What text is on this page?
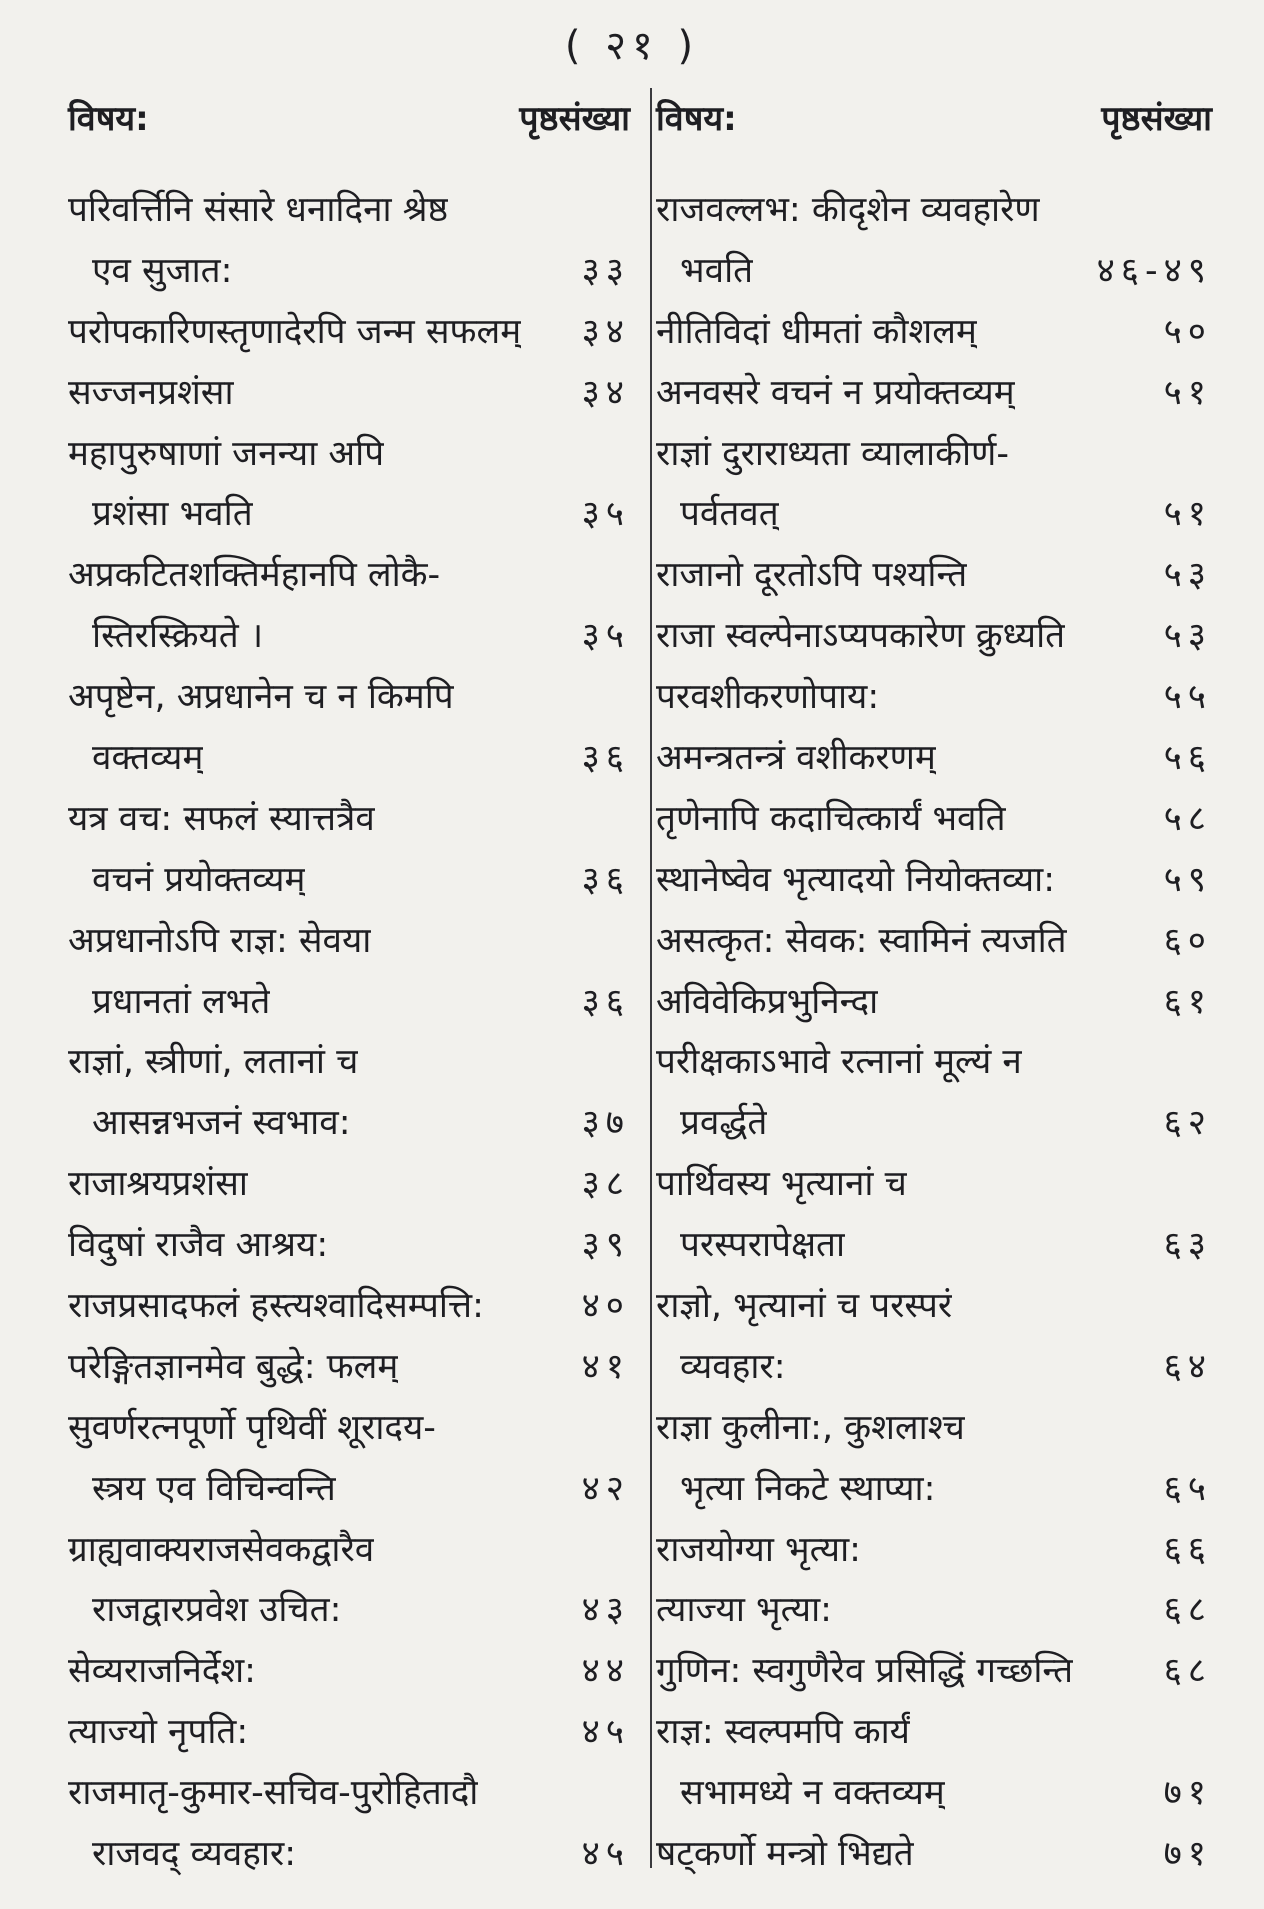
( २१ )
विषय:	पृष्ठसंख्या
परिवर्त्तिनि संसारे धनादिना श्रेष्ठ
एव सुजात:	३३
परोपकारिणस्तृणादेरपि जन्म सफलम् ३४
सज्जनप्रशंसा	३४
महापुरुषाणां जनन्या अपि
प्रशंसा भवति	३५
अप्रकटितशक्तिर्महानपि लोकै-
स्तिरस्क्रियते ।	३५
अपृष्टेन, अप्रधानेन च न किमपि
वक्तव्यम्	३६
यत्र वच: सफलं स्यात्तत्रैव
वचनं प्रयोक्तव्यम्	३६
अप्रधानोऽपि राज्ञ: सेवया
प्रधानतां लभते	३६
राज्ञां, स्त्रीणां, लतानां च
आसन्नभजनं स्वभाव:	३७
राजाश्रयप्रशंसा	३८
विदुषां राजैव आश्रय:	३९
राजप्रसादफलं हस्त्यश्वादिसम्पत्ति:	४०
परेङ्गितज्ञानमेव बुद्धे: फलम्	४१
सुवर्णरत्नपूर्णो पृथिवीं शूरादय-
स्त्रय एव विचिन्वन्ति	४२
ग्राह्यवाक्यराजसेवकद्वारैव
राजद्वारप्रवेश उचित:	४३
सेव्यराजनिर्देश:	४४
त्याज्यो नृपति:	४५
राजमातृ-कुमार-सचिव-पुरोहितादौ
राजवद् व्यवहार:	४५
विषय:	पृष्ठसंख्या
राजवल्लभ: कीदृशेन व्यवहारेण
भवति	४६-४९
नीतिविदां धीमतां कौशलम्	५०
अनवसरे वचनं न प्रयोक्तव्यम्	५१
राज्ञां दुराराध्यता व्यालाकीर्ण-
पर्वतवत्	५१
राजानो दूरतोऽपि पश्यन्ति	५३
राजा स्वल्पेनाऽप्यपकारेण क्रुध्यति	५३
परवशीकरणोपाय:	५५
अमन्त्रतन्त्रं वशीकरणम्	५६
तृणेनापि कदाचित्कार्यं भवति	५८
स्थानेष्वेव भृत्यादयो नियोक्तव्या:	५९
असत्कृत: सेवक: स्वामिनं त्यजति	६०
अविवेकिप्रभुनिन्दा	६१
परीक्षकाऽभावे रत्नानां मूल्यं न
प्रवर्द्धते	६२
पार्थिवस्य भृत्यानां च
परस्परापेक्षता	६३
राज्ञो, भृत्यानां च परस्परं
व्यवहार:	६४
राज्ञा कुलीना:, कुशलाश्च
भृत्या निकटे स्थाप्या:	६५
राजयोग्या भृत्या:	६६
त्याज्या भृत्या:	६८
गुणिन: स्वगुणैरेव प्रसिद्धिं गच्छन्ति	६८
राज्ञ: स्वल्पमपि कार्यं
सभामध्ये न वक्तव्यम्	७१
षट्कर्णो मन्त्रो भिद्यते	७१
